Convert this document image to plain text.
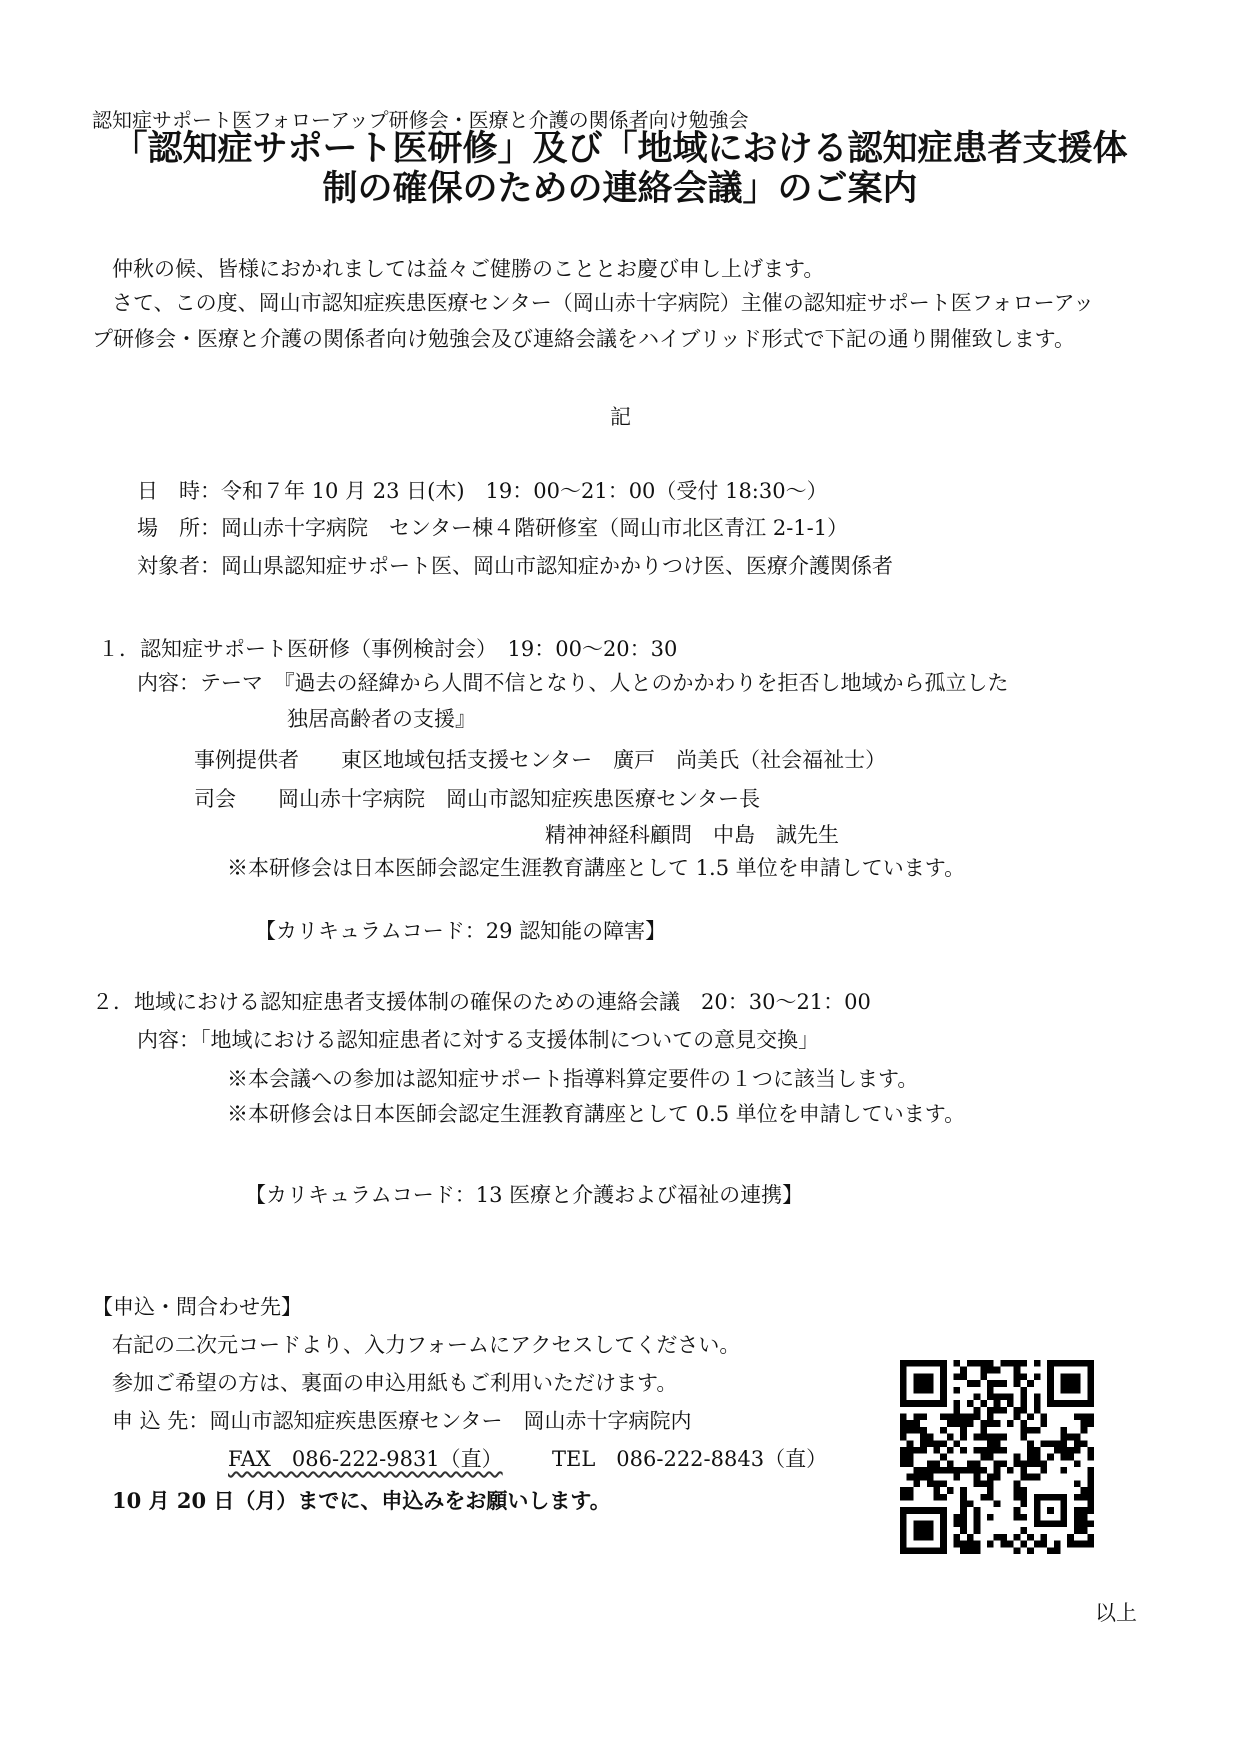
認知症サポート医フォローアップ研修会・医療と介護の関係者向け勉強会
「認知症サポート医研修」及び「地域における認知症患者支援体
制の確保のための連絡会議」のご案内
仲秋の候、皆様におかれましては益々ご健勝のこととお慶び申し上げます。
さて、この度、岡山市認知症疾患医療センター（岡山赤十字病院）主催の認知症サポート医フォローアッ
プ研修会・医療と介護の関係者向け勉強会及び連絡会議をハイブリッド形式で下記の通り開催致します。
記
日　時：令和７年 10 月 23 日(木)　19：00～21：00（受付 18:30～）
場　所：岡山赤十字病院　センター棟４階研修室（岡山市北区青江 2-1-1）
対象者：岡山県認知症サポート医、岡山市認知症かかりつけ医、医療介護関係者
１．認知症サポート医研修（事例検討会）　19：00～20：30
内容：テーマ　『過去の経緯から人間不信となり、人とのかかわりを拒否し地域から孤立した
独居高齢者の支援』
事例提供者　　東区地域包括支援センター　廣戸　尚美氏（社会福祉士）
司会　　岡山赤十字病院　岡山市認知症疾患医療センター長
精神神経科顧問　中島　誠先生
※本研修会は日本医師会認定生涯教育講座として 1.5 単位を申請しています。
【カリキュラムコード：29 認知能の障害】
２．地域における認知症患者支援体制の確保のための連絡会議　20：30～21：00
内容：「地域における認知症患者に対する支援体制についての意見交換」
※本会議への参加は認知症サポート指導料算定要件の１つに該当します。
※本研修会は日本医師会認定生涯教育講座として 0.5 単位を申請しています。
【カリキュラムコード：13 医療と介護および福祉の連携】
【申込・問合わせ先】
右記の二次元コードより、入力フォームにアクセスしてください。
参加ご希望の方は、裏面の申込用紙もご利用いただけます。
申 込 先：岡山市認知症疾患医療センター　岡山赤十字病院内
FAX　086-222-9831（直） TEL　086-222-8843（直）
10 月 20 日（月）までに、申込みをお願いします。
以上
